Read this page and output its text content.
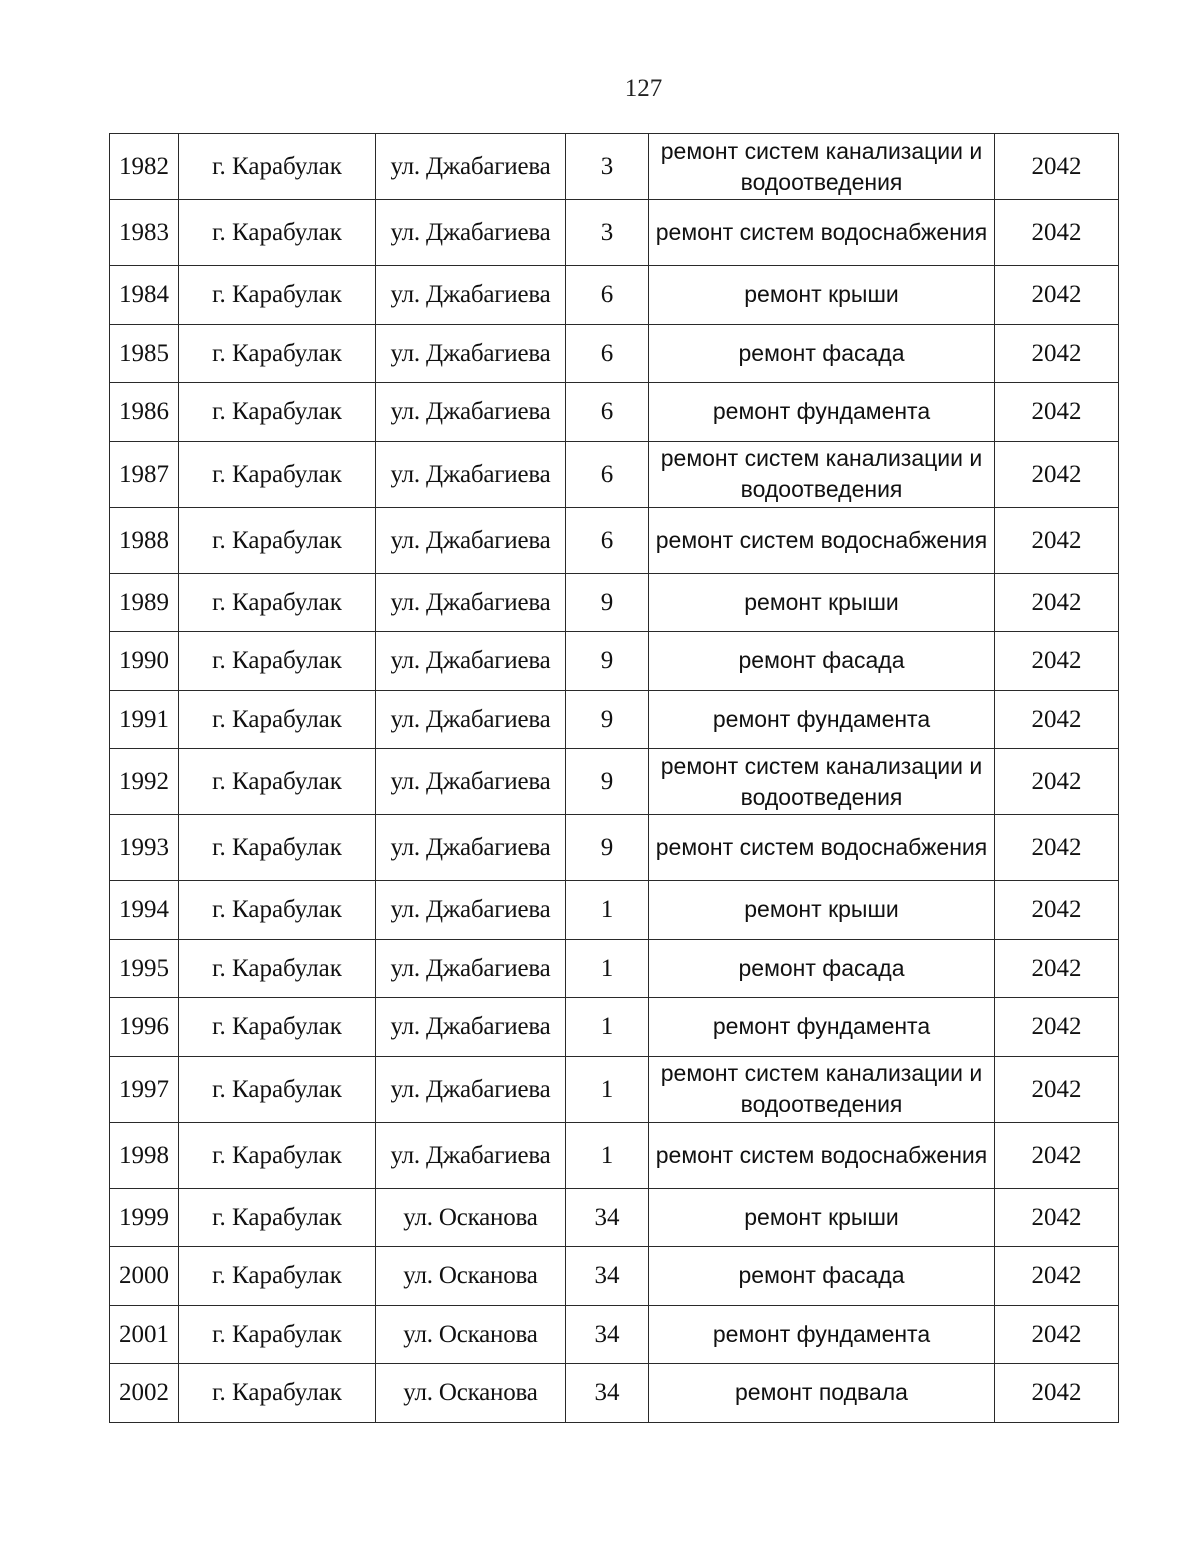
127
1982	г. Карабулак	ул. Джабагиева	3	ремонт систем канализации и водоотведения	2042
1983	г. Карабулак	ул. Джабагиева	3	ремонт систем водоснабжения	2042
1984	г. Карабулак	ул. Джабагиева	6	ремонт крыши	2042
1985	г. Карабулак	ул. Джабагиева	6	ремонт фасада	2042
1986	г. Карабулак	ул. Джабагиева	6	ремонт фундамента	2042
1987	г. Карабулак	ул. Джабагиева	6	ремонт систем канализации и водоотведения	2042
1988	г. Карабулак	ул. Джабагиева	6	ремонт систем водоснабжения	2042
1989	г. Карабулак	ул. Джабагиева	9	ремонт крыши	2042
1990	г. Карабулак	ул. Джабагиева	9	ремонт фасада	2042
1991	г. Карабулак	ул. Джабагиева	9	ремонт фундамента	2042
1992	г. Карабулак	ул. Джабагиева	9	ремонт систем канализации и водоотведения	2042
1993	г. Карабулак	ул. Джабагиева	9	ремонт систем водоснабжения	2042
1994	г. Карабулак	ул. Джабагиева	1	ремонт крыши	2042
1995	г. Карабулак	ул. Джабагиева	1	ремонт фасада	2042
1996	г. Карабулак	ул. Джабагиева	1	ремонт фундамента	2042
1997	г. Карабулак	ул. Джабагиева	1	ремонт систем канализации и водоотведения	2042
1998	г. Карабулак	ул. Джабагиева	1	ремонт систем водоснабжения	2042
1999	г. Карабулак	ул. Осканова	34	ремонт крыши	2042
2000	г. Карабулак	ул. Осканова	34	ремонт фасада	2042
2001	г. Карабулак	ул. Осканова	34	ремонт фундамента	2042
2002	г. Карабулак	ул. Осканова	34	ремонт подвала	2042
